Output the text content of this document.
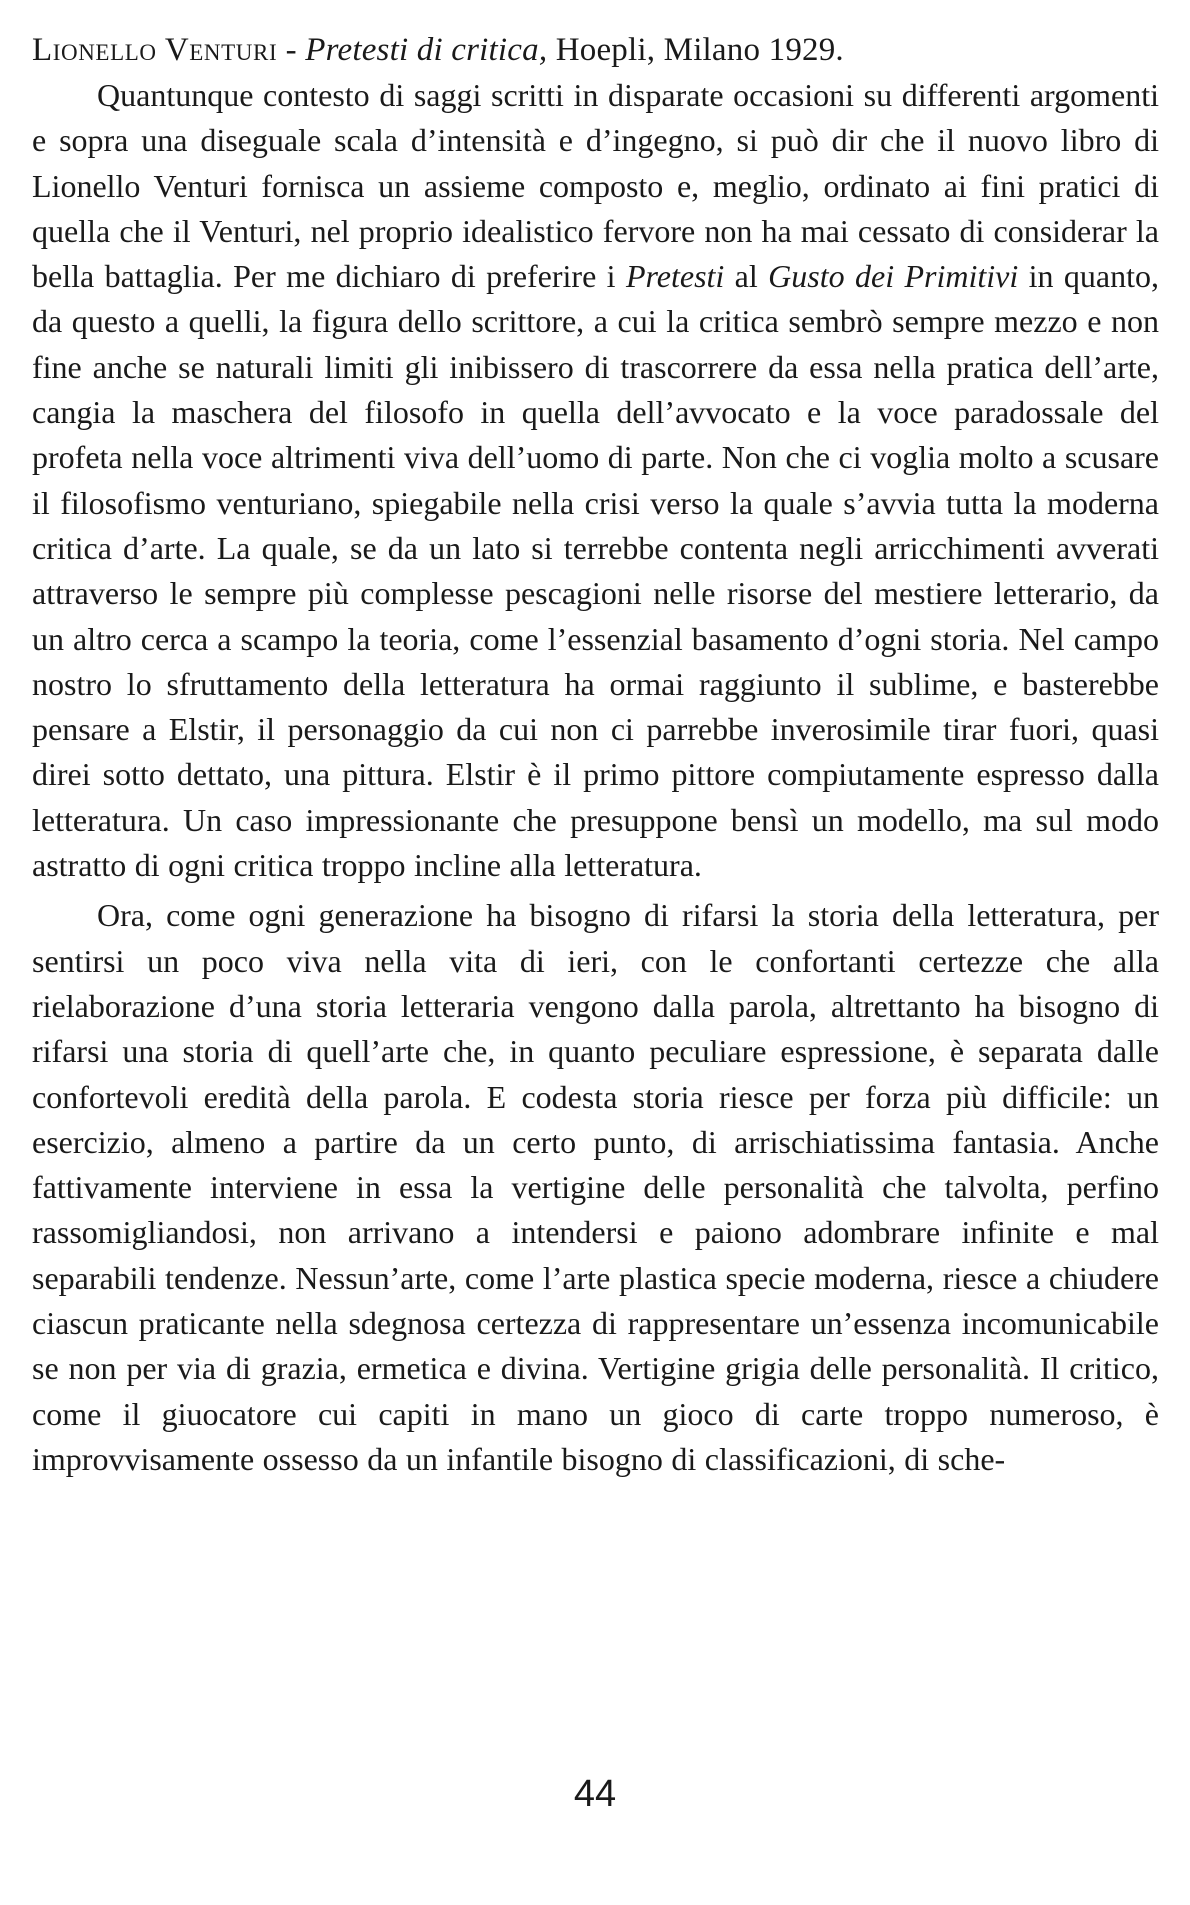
Lionello Venturi - Pretesti di critica, Hoepli, Milano 1929.

Quantunque contesto di saggi scritti in disparate occasioni su differenti argomenti e sopra una diseguale scala d’intensità e d’ingegno, si può dir che il nuovo libro di Lionello Venturi fornisca un assieme composto e, meglio, ordinato ai fini pratici di quella che il Venturi, nel proprio idealistico fervore non ha mai cessato di considerar la bella battaglia. Per me dichiaro di preferire i Pretesti al Gusto dei Primitivi in quanto, da questo a quelli, la figura dello scrittore, a cui la critica sembrò sempre mezzo e non fine anche se naturali limiti gli inibissero di trascorrere da essa nella pratica dell’arte, cangia la maschera del filosofo in quella dell’avvocato e la voce paradossale del profeta nella voce altrimenti viva dell’uomo di parte. Non che ci voglia molto a scusare il filosofismo venturiano, spiegabile nella crisi verso la quale s’avvia tutta la moderna critica d’arte. La quale, se da un lato si terrebbe contenta negli arricchimenti avverati attraverso le sempre più complesse pescagioni nelle risorse del mestiere letterario, da un altro cerca a scampo la teoria, come l’essenzial basamento d’ogni storia. Nel campo nostro lo sfruttamento della letteratura ha ormai raggiunto il sublime, e basterebbe pensare a Elstir, il personaggio da cui non ci parrebbe inverosimile tirar fuori, quasi direi sotto dettato, una pittura. Elstir è il primo pittore compiutamente espresso dalla letteratura. Un caso impressionante che presuppone bensì un modello, ma sul modo astratto di ogni critica troppo incline alla letteratura.

Ora, come ogni generazione ha bisogno di rifarsi la storia della letteratura, per sentirsi un poco viva nella vita di ieri, con le confortanti certezze che alla rielaborazione d’una storia letteraria vengono dalla parola, altrettanto ha bisogno di rifarsi una storia di quell’arte che, in quanto peculiare espressione, è separata dalle confortevoli eredità della parola. E codesta storia riesce per forza più difficile: un esercizio, almeno a partire da un certo punto, di arrischiatissima fantasia. Anche fattivamente interviene in essa la vertigine delle personalità che talvolta, perfino rassomigliandosi, non arrivano a intendersi e paiono adombrare infinite e mal separabili tendenze. Nessun’arte, come l’arte plastica specie moderna, riesce a chiudere ciascun praticante nella sdegnosa certezza di rappresentare un’essenza incomunicabile se non per via di grazia, ermetica e divina. Vertigine grigia delle personalità. Il critico, come il giuocatore cui capiti in mano un gioco di carte troppo numeroso, è improvvisamente ossesso da un infantile bisogno di classificazioni, di sche-

44
